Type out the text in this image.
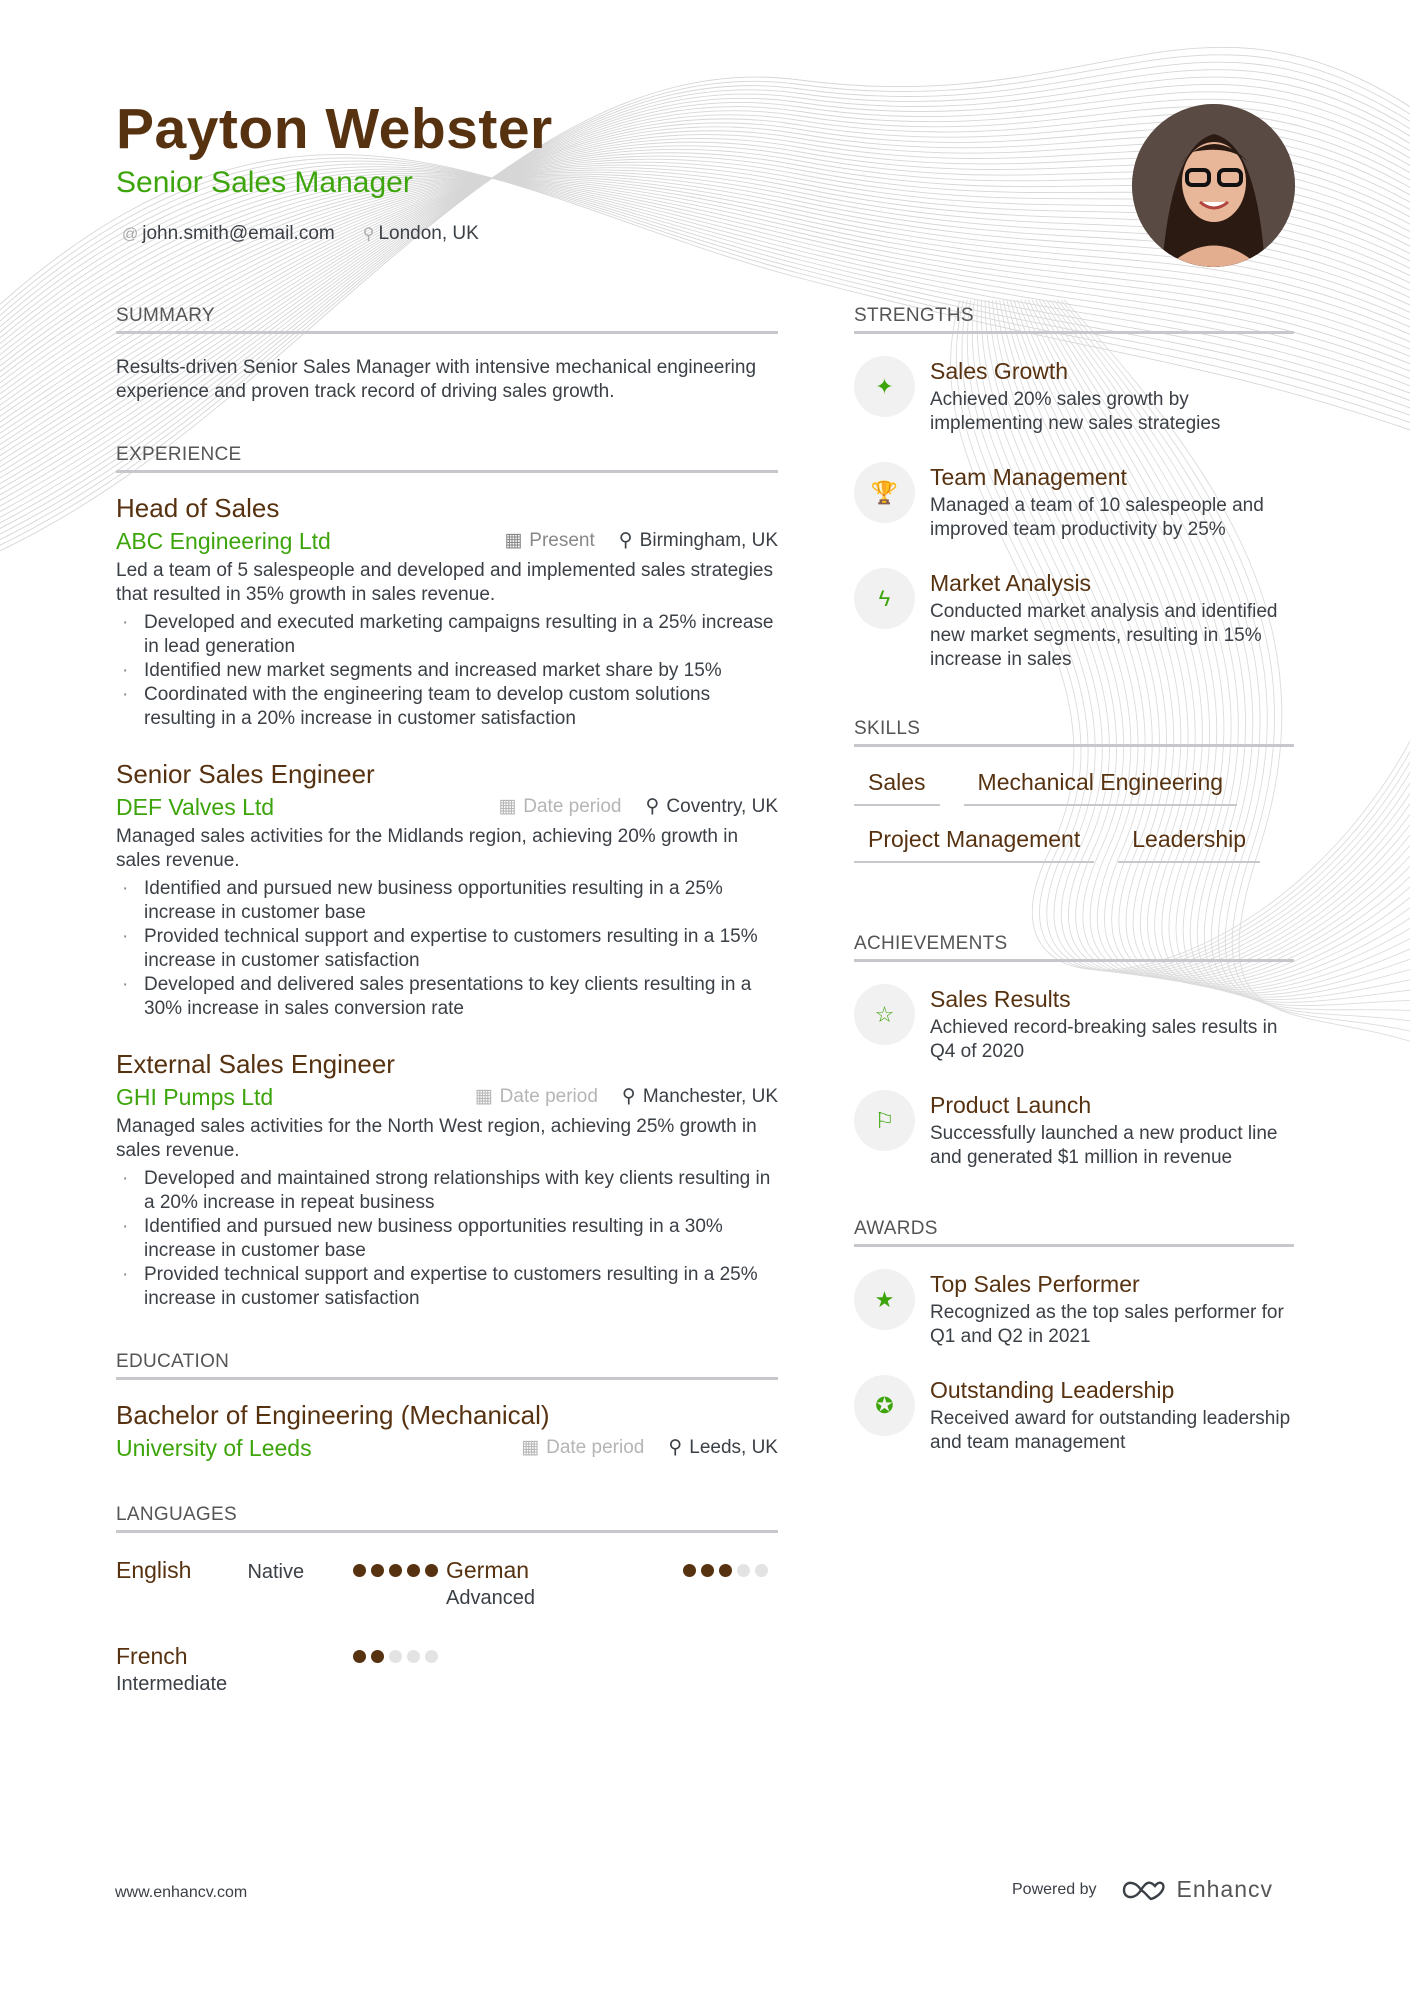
Payton Webster
Senior Sales Manager
@ john.smith@email.com ⚲ London, UK
SUMMARY
Results-driven Senior Sales Manager with intensive mechanical engineering experience and proven track record of driving sales growth.
EXPERIENCE
Head of Sales
ABC Engineering Ltd	▦ Present ⚲ Birmingham, UK
Led a team of 5 salespeople and developed and implemented sales strategies that resulted in 35% growth in sales revenue.
· Developed and executed marketing campaigns resulting in a 25% increase in lead generation
· Identified new market segments and increased market share by 15%
· Coordinated with the engineering team to develop custom solutions resulting in a 20% increase in customer satisfaction
Senior Sales Engineer
DEF Valves Ltd	▦ Date period ⚲ Coventry, UK
Managed sales activities for the Midlands region, achieving 20% growth in sales revenue.
· Identified and pursued new business opportunities resulting in a 25% increase in customer base
· Provided technical support and expertise to customers resulting in a 15% increase in customer satisfaction
· Developed and delivered sales presentations to key clients resulting in a 30% increase in sales conversion rate
External Sales Engineer
GHI Pumps Ltd	▦ Date period ⚲ Manchester, UK
Managed sales activities for the North West region, achieving 25% growth in sales revenue.
· Developed and maintained strong relationships with key clients resulting in a 20% increase in repeat business
· Identified and pursued new business opportunities resulting in a 30% increase in customer base
· Provided technical support and expertise to customers resulting in a 25% increase in customer satisfaction
EDUCATION
Bachelor of Engineering (Mechanical)
University of Leeds	▦ Date period ⚲ Leeds, UK
LANGUAGES
English	Native	German
Advanced
French
Intermediate
STRENGTHS
✦
Sales Growth
Achieved 20% sales growth by implementing new sales strategies
🏆
Team Management
Managed a team of 10 salespeople and improved team productivity by 25%
ϟ
Market Analysis
Conducted market analysis and identified new market segments, resulting in 15% increase in sales
SKILLS
Sales	Mechanical Engineering
Project Management	Leadership
ACHIEVEMENTS
☆
Sales Results
Achieved record-breaking sales results in Q4 of 2020
⚐
Product Launch
Successfully launched a new product line and generated $1 million in revenue
AWARDS
★
Top Sales Performer
Recognized as the top sales performer for Q1 and Q2 in 2021
✪
Outstanding Leadership
Received award for outstanding leadership and team management
www.enhancv.com	Powered by	Enhancv
